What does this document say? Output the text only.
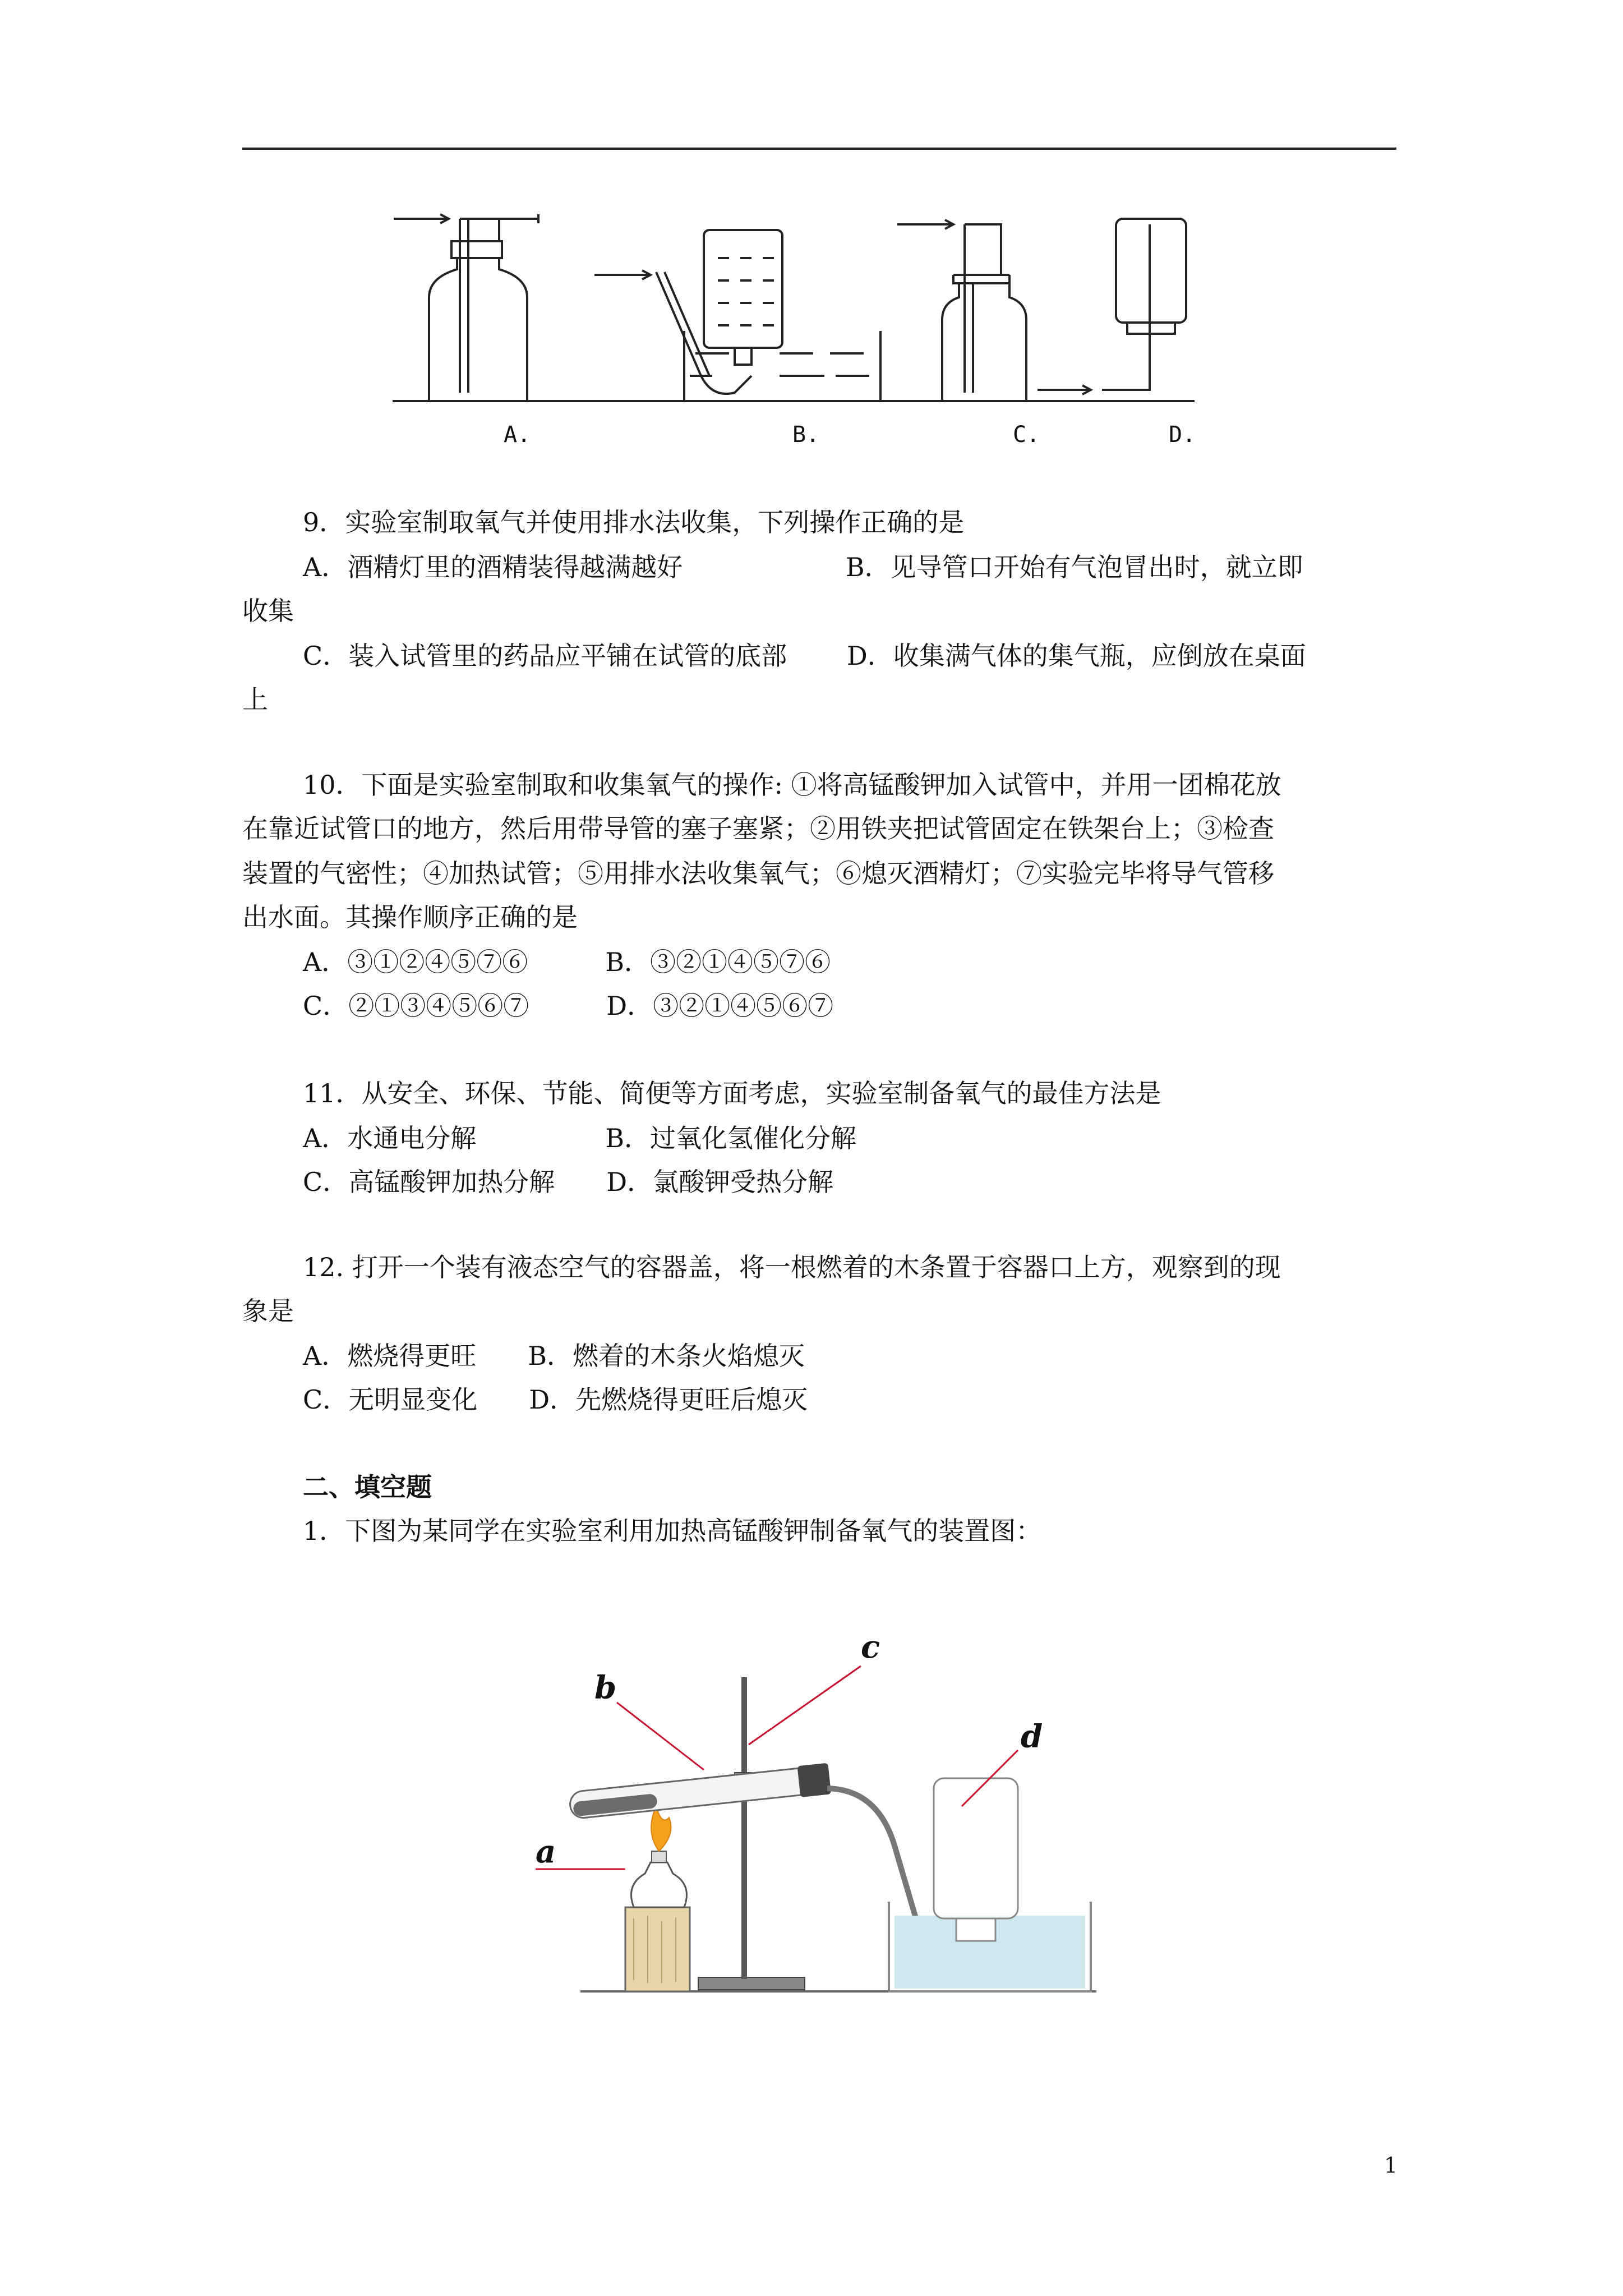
A.	B.	C.	D.
9．实验室制取氧气并使用排水法收集，下列操作正确的是
A．酒精灯里的酒精装得越满越好　　　　　　 B．见导管口开始有气泡冒出时，就立即
收集
C．装入试管里的药品应平铺在试管的底部　　 D．收集满气体的集气瓶，应倒放在桌面
上
10．下面是实验室制取和收集氧气的操作: ①将高锰酸钾加入试管中，并用一团棉花放
在靠近试管口的地方，然后用带导管的塞子塞紧；②用铁夹把试管固定在铁架台上；③检查
装置的气密性；④加热试管；⑤用排水法收集氧气；⑥熄灭酒精灯；⑦实验完毕将导气管移
出水面。其操作顺序正确的是
A．③①②④⑤⑦⑥　　　B．③②①④⑤⑦⑥
C．②①③④⑤⑥⑦　　　D．③②①④⑤⑥⑦
11．从安全、环保、节能、简便等方面考虑，实验室制备氧气的最佳方法是
A．水通电分解　　　　　B．过氧化氢催化分解
C．高锰酸钾加热分解　　D．氯酸钾受热分解
12. 打开一个装有液态空气的容器盖，将一根燃着的木条置于容器口上方，观察到的现
象是
A．燃烧得更旺　　B．燃着的木条火焰熄灭
C．无明显变化　　D．先燃烧得更旺后熄灭
二、填空题
1．下图为某同学在实验室利用加热高锰酸钾制备氧气的装置图：
a
b
c
d
1
